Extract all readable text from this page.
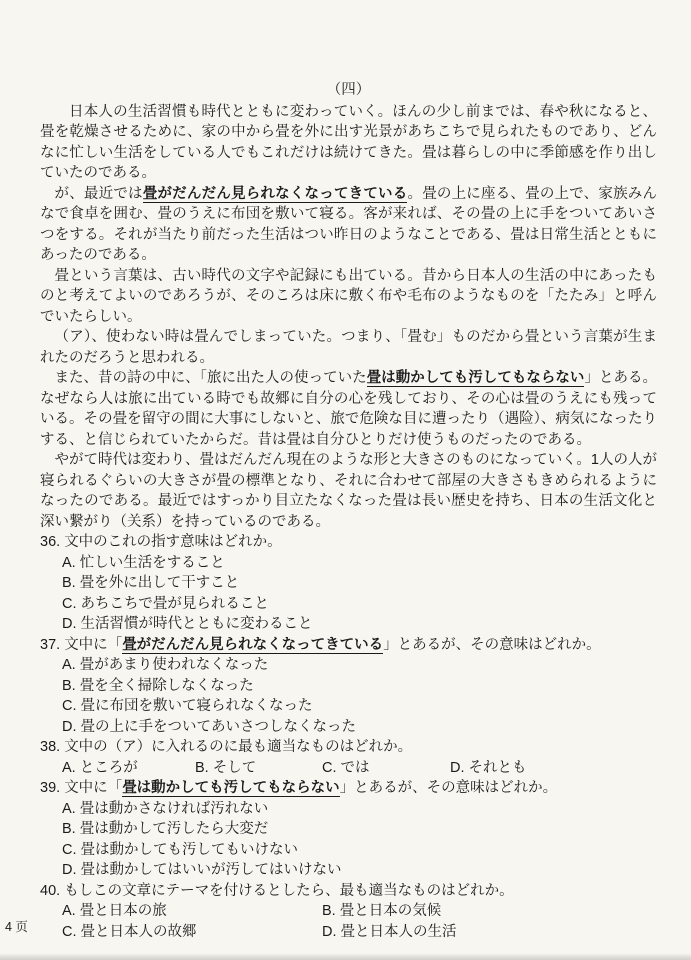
（四）

日本人の生活習慣も時代とともに変わっていく。ほんの少し前までは、春や秋になると、畳を乾燥させるために、家の中から畳を外に出す光景があちこちで見られたものであり、どんなに忙しい生活をしている人でもこれだけは続けてきた。畳は暮らしの中に季節感を作り出していたのである。

が、最近では畳がだんだん見られなくなってきている。畳の上に座る、畳の上で、家族みんなで食卓を囲む、畳のうえに布団を敷いて寝る。客が来れば、その畳の上に手をついてあいさつをする。それが当たり前だった生活はつい昨日のようなことである、畳は日常生活とともにあったのである。

畳という言葉は、古い時代の文字や記録にも出ている。昔から日本人の生活の中にあったものと考えてよいのであろうが、そのころは床に敷く布や毛布のようなものを「たたみ」と呼んでいたらしい。

（ア）、使わない時は畳んでしまっていた。つまり、「畳む」ものだから畳という言葉が生まれたのだろうと思われる。

また、昔の詩の中に、「旅に出た人の使っていた畳は動かしても汚してもならない」とある。なぜなら人は旅に出ている時でも故郷に自分の心を残しており、その心は畳のうえにも残っている。その畳を留守の間に大事にしないと、旅で危険な目に遭ったり（遇险）、病気になったりする、と信じられていたからだ。昔は畳は自分ひとりだけ使うものだったのである。

やがて時代は変わり、畳はだんだん現在のような形と大きさのものになっていく。1人の人が寝られるぐらいの大きさが畳の標準となり、それに合わせて部屋の大きさもきめられるようになったのである。最近ではすっかり目立たなくなった畳は長い歴史を持ち、日本の生活文化と深い繋がり（关系）を持っているのである。

36. 文中のこれの指す意味はどれか。
A. 忙しい生活をすること
B. 畳を外に出して干すこと
C. あちこちで畳が見られること
D. 生活習慣が時代とともに変わること
37. 文中に「畳がだんだん見られなくなってきている」とあるが、その意味はどれか。
A. 畳があまり使われなくなった
B. 畳を全く掃除しなくなった
C. 畳に布団を敷いて寝られなくなった
D. 畳の上に手をついてあいさつしなくなった
38. 文中の（ア）に入れるのに最も適当なものはどれか。
A. ところが	B. そして	C. では	D. それとも
39. 文中に「畳は動かしても汚してもならない」とあるが、その意味はどれか。
A. 畳は動かさなければ汚れない
B. 畳は動かして汚したら大変だ
C. 畳は動かしても汚してもいけない
D. 畳は動かしてはいいが汚してはいけない
40. もしこの文章にテーマを付けるとしたら、最も適当なものはどれか。
A. 畳と日本の旅	B. 畳と日本の気候
C. 畳と日本人の故郷	D. 畳と日本人の生活
4 页
